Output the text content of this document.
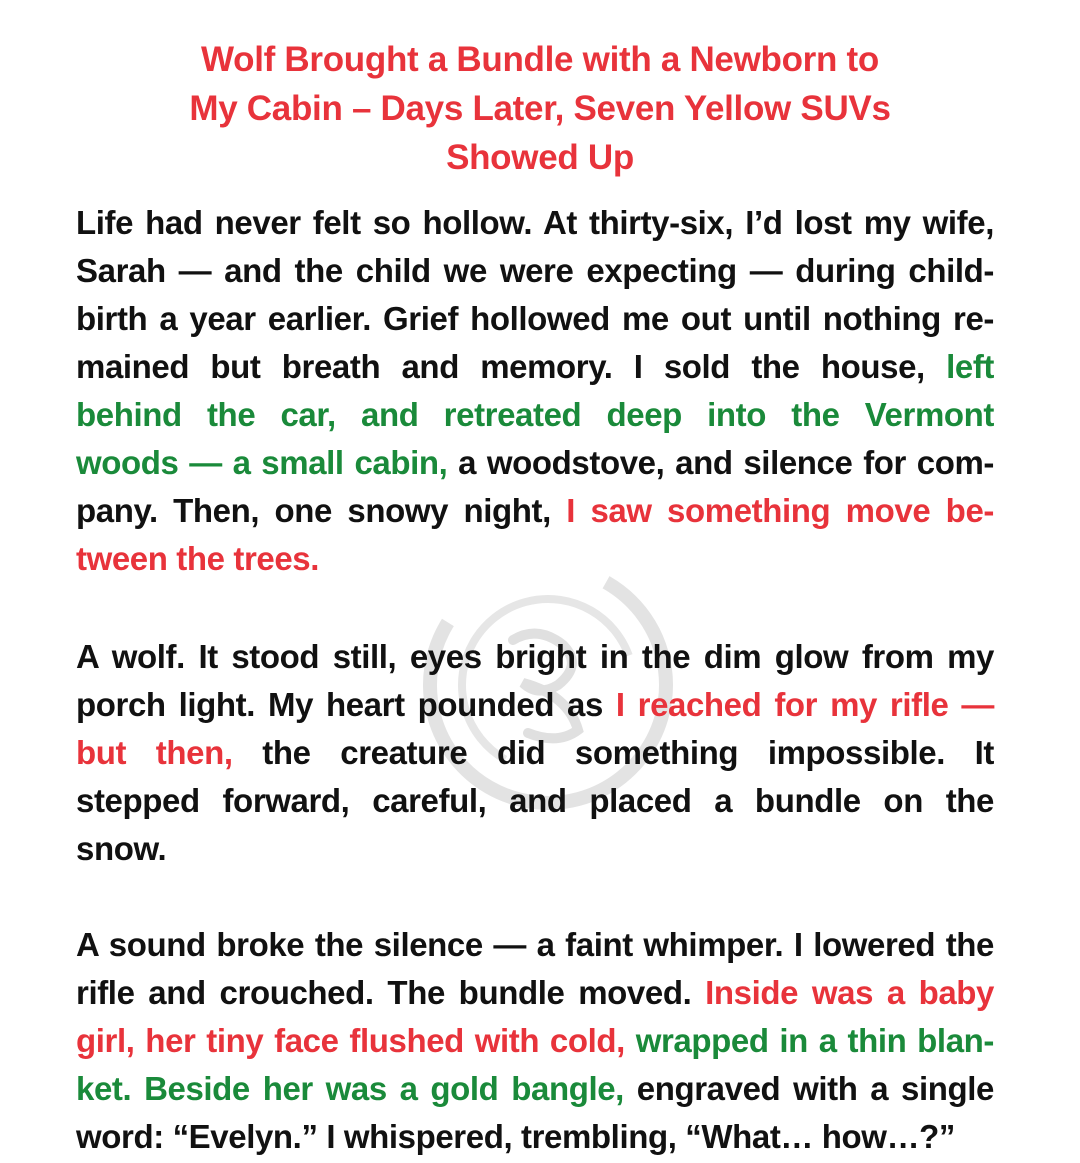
Wolf Brought a Bundle with a Newborn to
My Cabin – Days Later, Seven Yellow SUVs
Showed Up
Life had never felt so hollow. At thirty-six, I’d lost my wife,
Sarah — and the child we were expecting — during child-
birth a year earlier. Grief hollowed me out until nothing re-
mained but breath and memory. I sold the house, left
behind the car, and retreated deep into the Vermont
woods — a small cabin, a woodstove, and silence for com-
pany. Then, one snowy night, I saw something move be-
tween the trees.
A wolf. It stood still, eyes bright in the dim glow from my
porch light. My heart pounded as I reached for my rifle —
but then, the creature did something impossible. It
stepped forward, careful, and placed a bundle on the
snow.
A sound broke the silence — a faint whimper. I lowered the
rifle and crouched. The bundle moved. Inside was a baby
girl, her tiny face flushed with cold, wrapped in a thin blan-
ket. Beside her was a gold bangle, engraved with a single
word: “Evelyn.” I whispered, trembling, “What… how…?”
